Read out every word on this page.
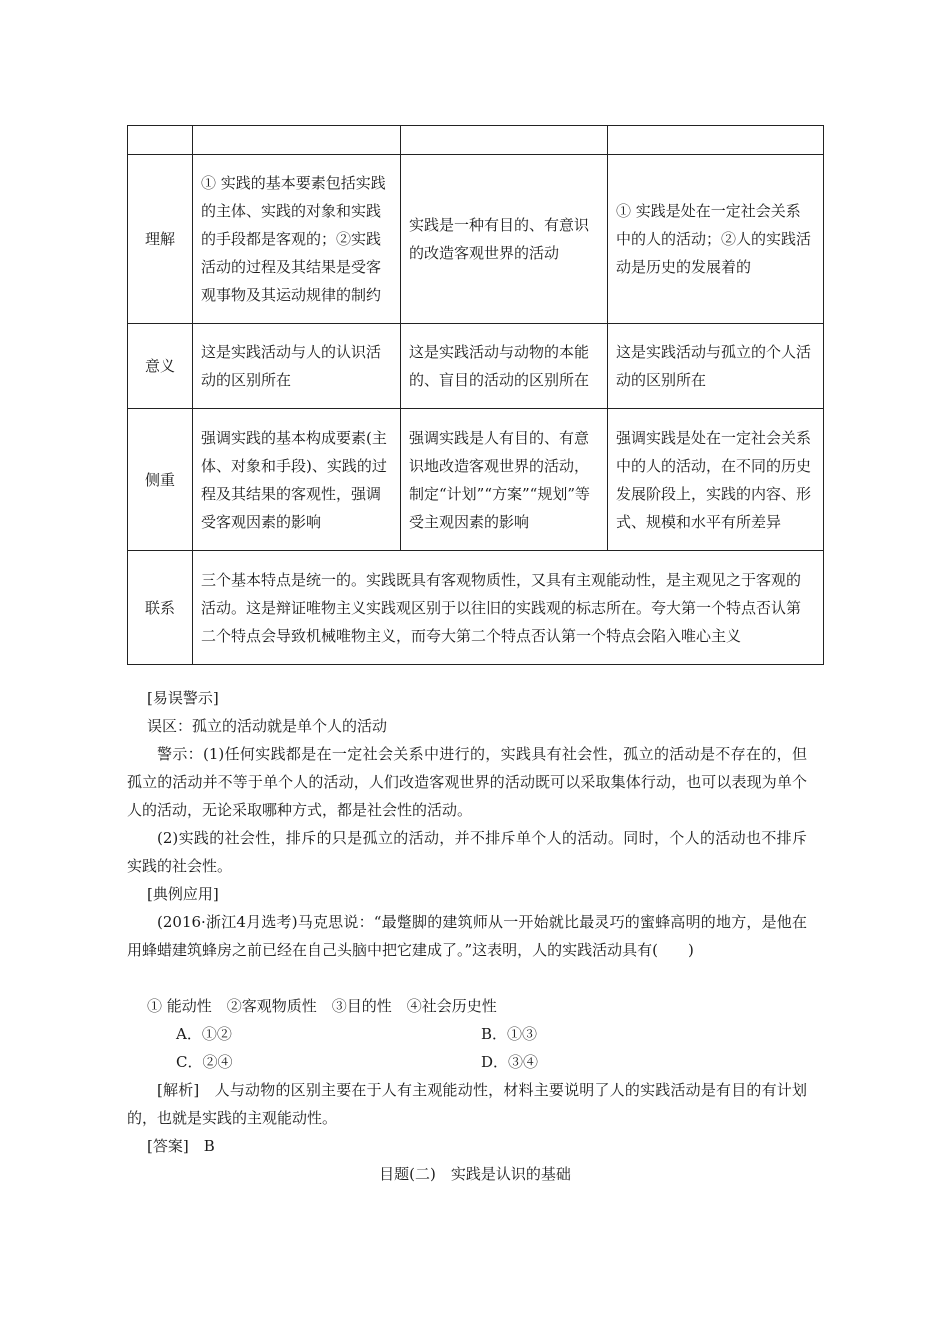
理解	① 实践的基本要素包括实践的主体、实践的对象和实践的手段都是客观的；②实践活动的过程及其结果是受客观事物及其运动规律的制约	实践是一种有目的、有意识的改造客观世界的活动	① 实践是处在一定社会关系中的人的活动；②人的实践活动是历史的发展着的
意义	这是实践活动与人的认识活动的区别所在	这是实践活动与动物的本能的、盲目的活动的区别所在	这是实践活动与孤立的个人活动的区别所在
侧重	强调实践的基本构成要素(主体、对象和手段)、实践的过程及其结果的客观性，强调受客观因素的影响	强调实践是人有目的、有意识地改造客观世界的活动，制定“计划”“方案”“规划”等受主观因素的影响	强调实践是处在一定社会关系中的人的活动，在不同的历史发展阶段上，实践的内容、形式、规模和水平有所差异
联系	三个基本特点是统一的。实践既具有客观物质性，又具有主观能动性，是主观见之于客观的活动。这是辩证唯物主义实践观区别于以往旧的实践观的标志所在。夸大第一个特点否认第二个特点会导致机械唯物主义，而夸大第二个特点否认第一个特点会陷入唯心主义		
[易误警示]
误区：孤立的活动就是单个人的活动
警示：(1)任何实践都是在一定社会关系中进行的，实践具有社会性，孤立的活动是不存在的，但孤立的活动并不等于单个人的活动，人们改造客观世界的活动既可以采取集体行动，也可以表现为单个人的活动，无论采取哪种方式，都是社会性的活动。
(2)实践的社会性，排斥的只是孤立的活动，并不排斥单个人的活动。同时，个人的活动也不排斥实践的社会性。
[典例应用]
(2016·浙江4月选考)马克思说：“最蹩脚的建筑师从一开始就比最灵巧的蜜蜂高明的地方，是他在用蜂蜡建筑蜂房之前已经在自己头脑中把它建成了。”这表明，人的实践活动具有(　　)
① 能动性　②客观物质性　③目的性　④社会历史性
A．①②	B．①③
C．②④	D．③④
[解析]　人与动物的区别主要在于人有主观能动性，材料主要说明了人的实践活动是有目的有计划的，也就是实践的主观能动性。
[答案]　B
目题(二)　实践是认识的基础
